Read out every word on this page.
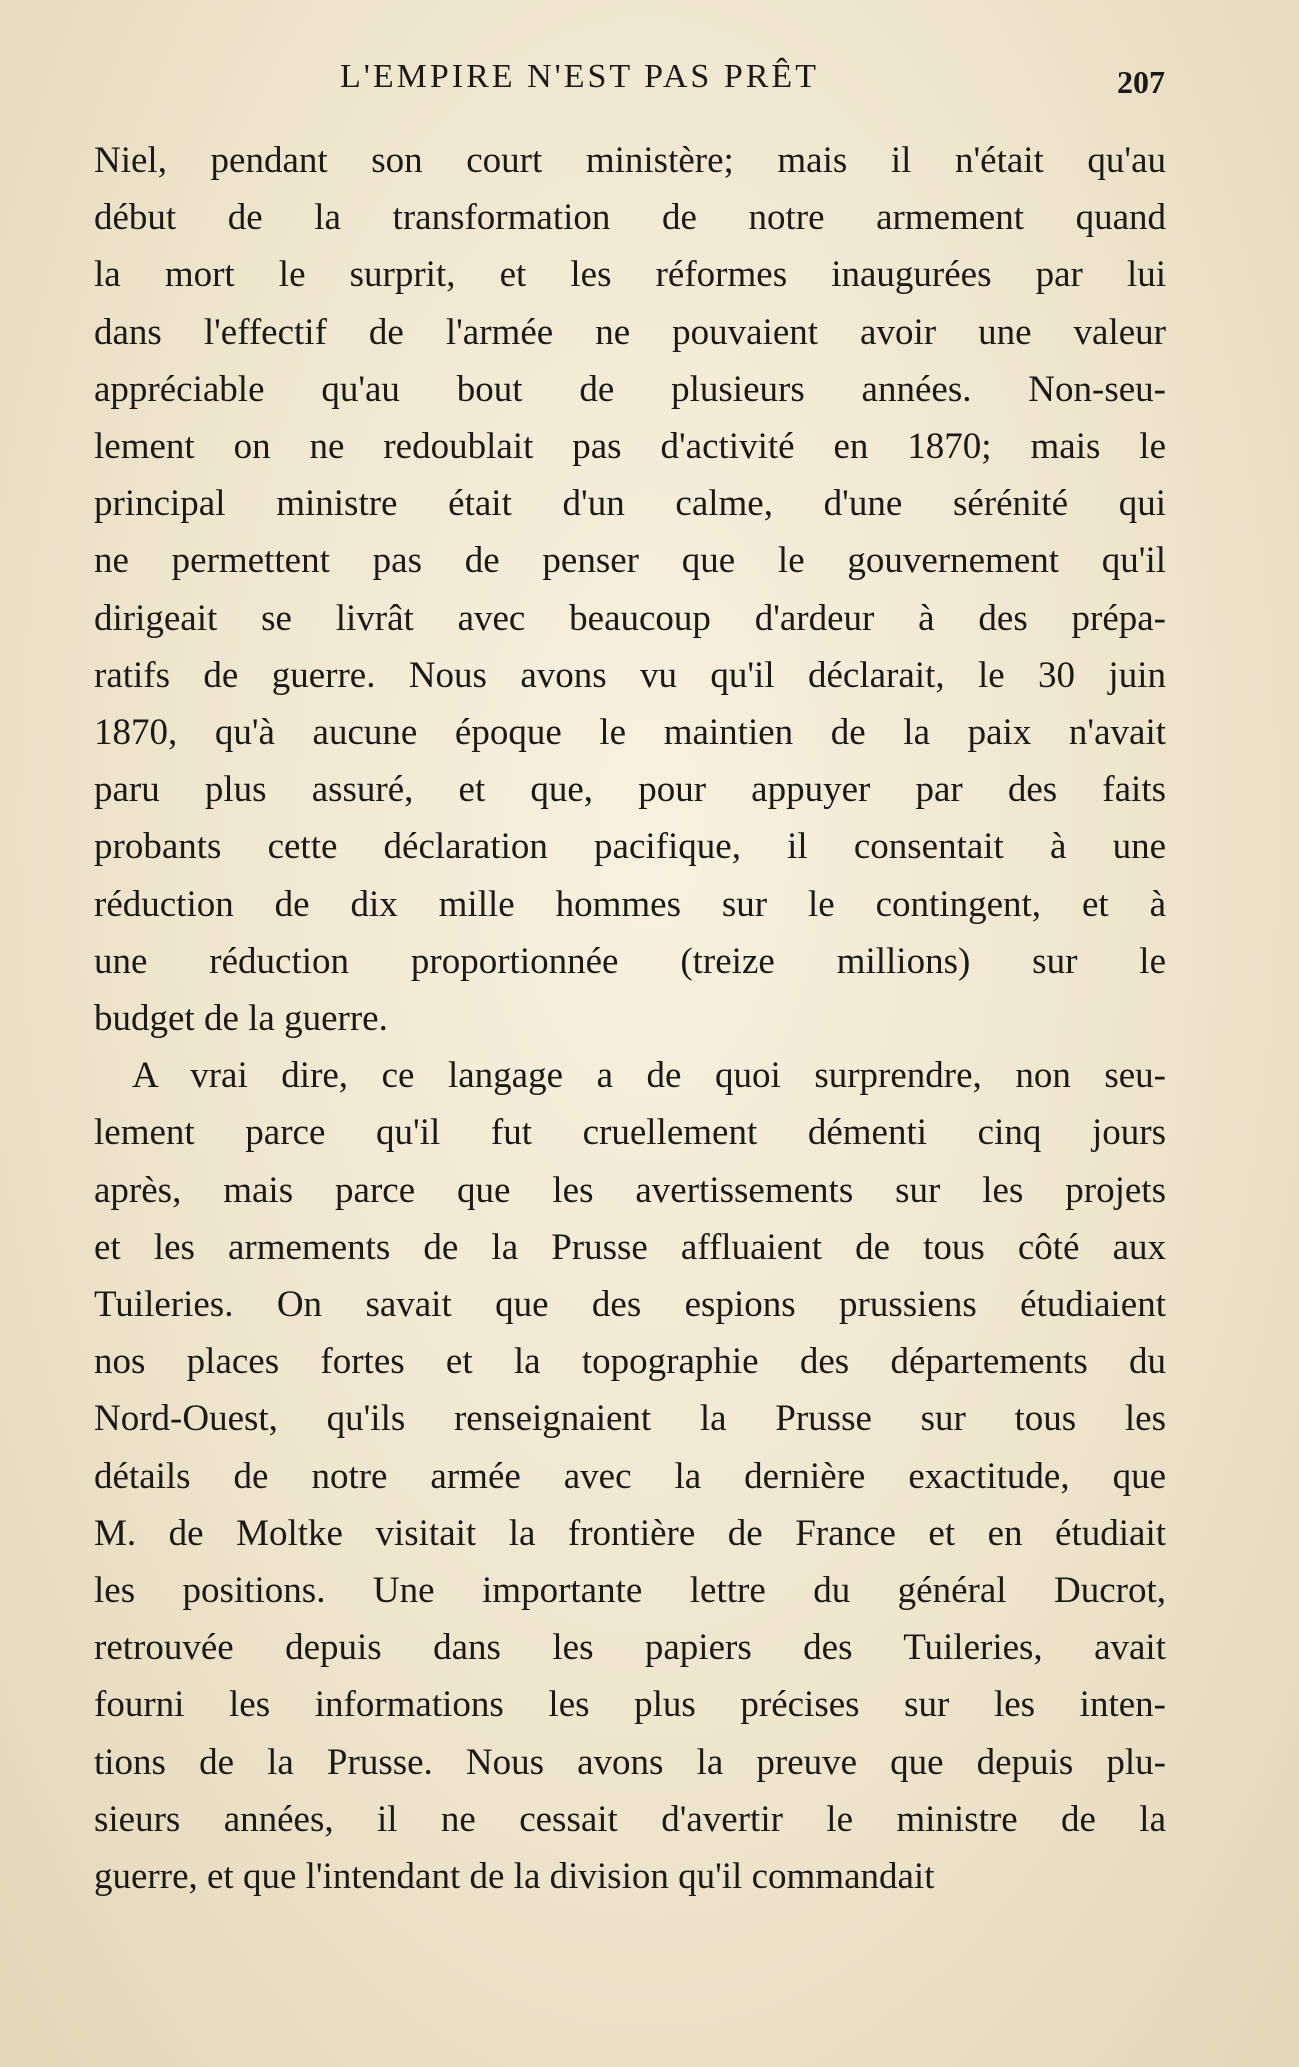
L'EMPIRE N'EST PAS PRÊT	207

Niel, pendant son court ministère; mais il n'était qu'au
début de la transformation de notre armement quand
la mort le surprit, et les réformes inaugurées par lui
dans l'effectif de l'armée ne pouvaient avoir une valeur
appréciable qu'au bout de plusieurs années. Non-seu-
lement on ne redoublait pas d'activité en 1870; mais le
principal ministre était d'un calme, d'une sérénité qui
ne permettent pas de penser que le gouvernement qu'il
dirigeait se livrât avec beaucoup d'ardeur à des prépa-
ratifs de guerre. Nous avons vu qu'il déclarait, le 30 juin
1870, qu'à aucune époque le maintien de la paix n'avait
paru plus assuré, et que, pour appuyer par des faits
probants cette déclaration pacifique, il consentait à une
réduction de dix mille hommes sur le contingent, et à
une réduction proportionnée (treize millions) sur le
budget de la guerre.

A vrai dire, ce langage a de quoi surprendre, non seu-
lement parce qu'il fut cruellement démenti cinq jours
après, mais parce que les avertissements sur les projets
et les armements de la Prusse affluaient de tous côté aux
Tuileries. On savait que des espions prussiens étudiaient
nos places fortes et la topographie des départements du
Nord-Ouest, qu'ils renseignaient la Prusse sur tous les
détails de notre armée avec la dernière exactitude, que
M. de Moltke visitait la frontière de France et en étudiait
les positions. Une importante lettre du général Ducrot,
retrouvée depuis dans les papiers des Tuileries, avait
fourni les informations les plus précises sur les inten-
tions de la Prusse. Nous avons la preuve que depuis plu-
sieurs années, il ne cessait d'avertir le ministre de la
guerre, et que l'intendant de la division qu'il commandait
